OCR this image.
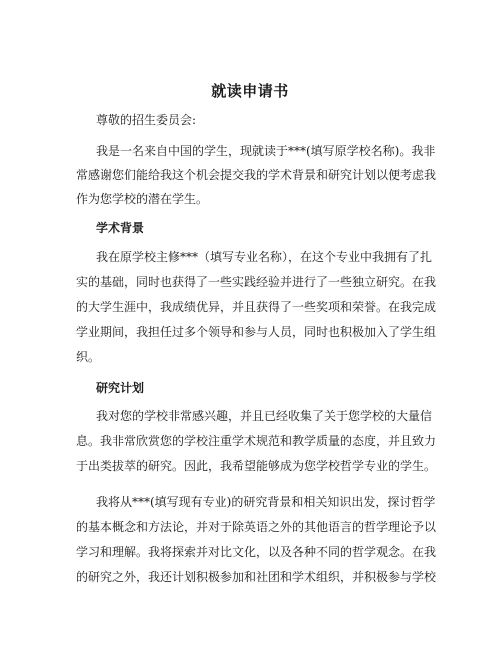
就读申请书
尊敬的招生委员会:
我是一名来自中国的学生，现就读于***(填写原学校名称)。我非
常感谢您们能给我这个机会提交我的学术背景和研究计划以便考虑我
作为您学校的潜在学生。
学术背景
我在原学校主修***（填写专业名称），在这个专业中我拥有了扎
实的基础，同时也获得了一些实践经验并进行了一些独立研究。在我
的大学生涯中，我成绩优异，并且获得了一些奖项和荣誉。在我完成
学业期间，我担任过多个领导和参与人员，同时也积极加入了学生组
织。
研究计划
我对您的学校非常感兴趣，并且已经收集了关于您学校的大量信
息。我非常欣赏您的学校注重学术规范和教学质量的态度，并且致力
于出类拔萃的研究。因此，我希望能够成为您学校哲学专业的学生。
我将从***(填写现有专业)的研究背景和相关知识出发，探讨哲学
的基本概念和方法论，并对于除英语之外的其他语言的哲学理论予以
学习和理解。我将探索并对比文化，以及各种不同的哲学观念。在我
的研究之外，我还计划积极参加和社团和学术组织，并积极参与学校
